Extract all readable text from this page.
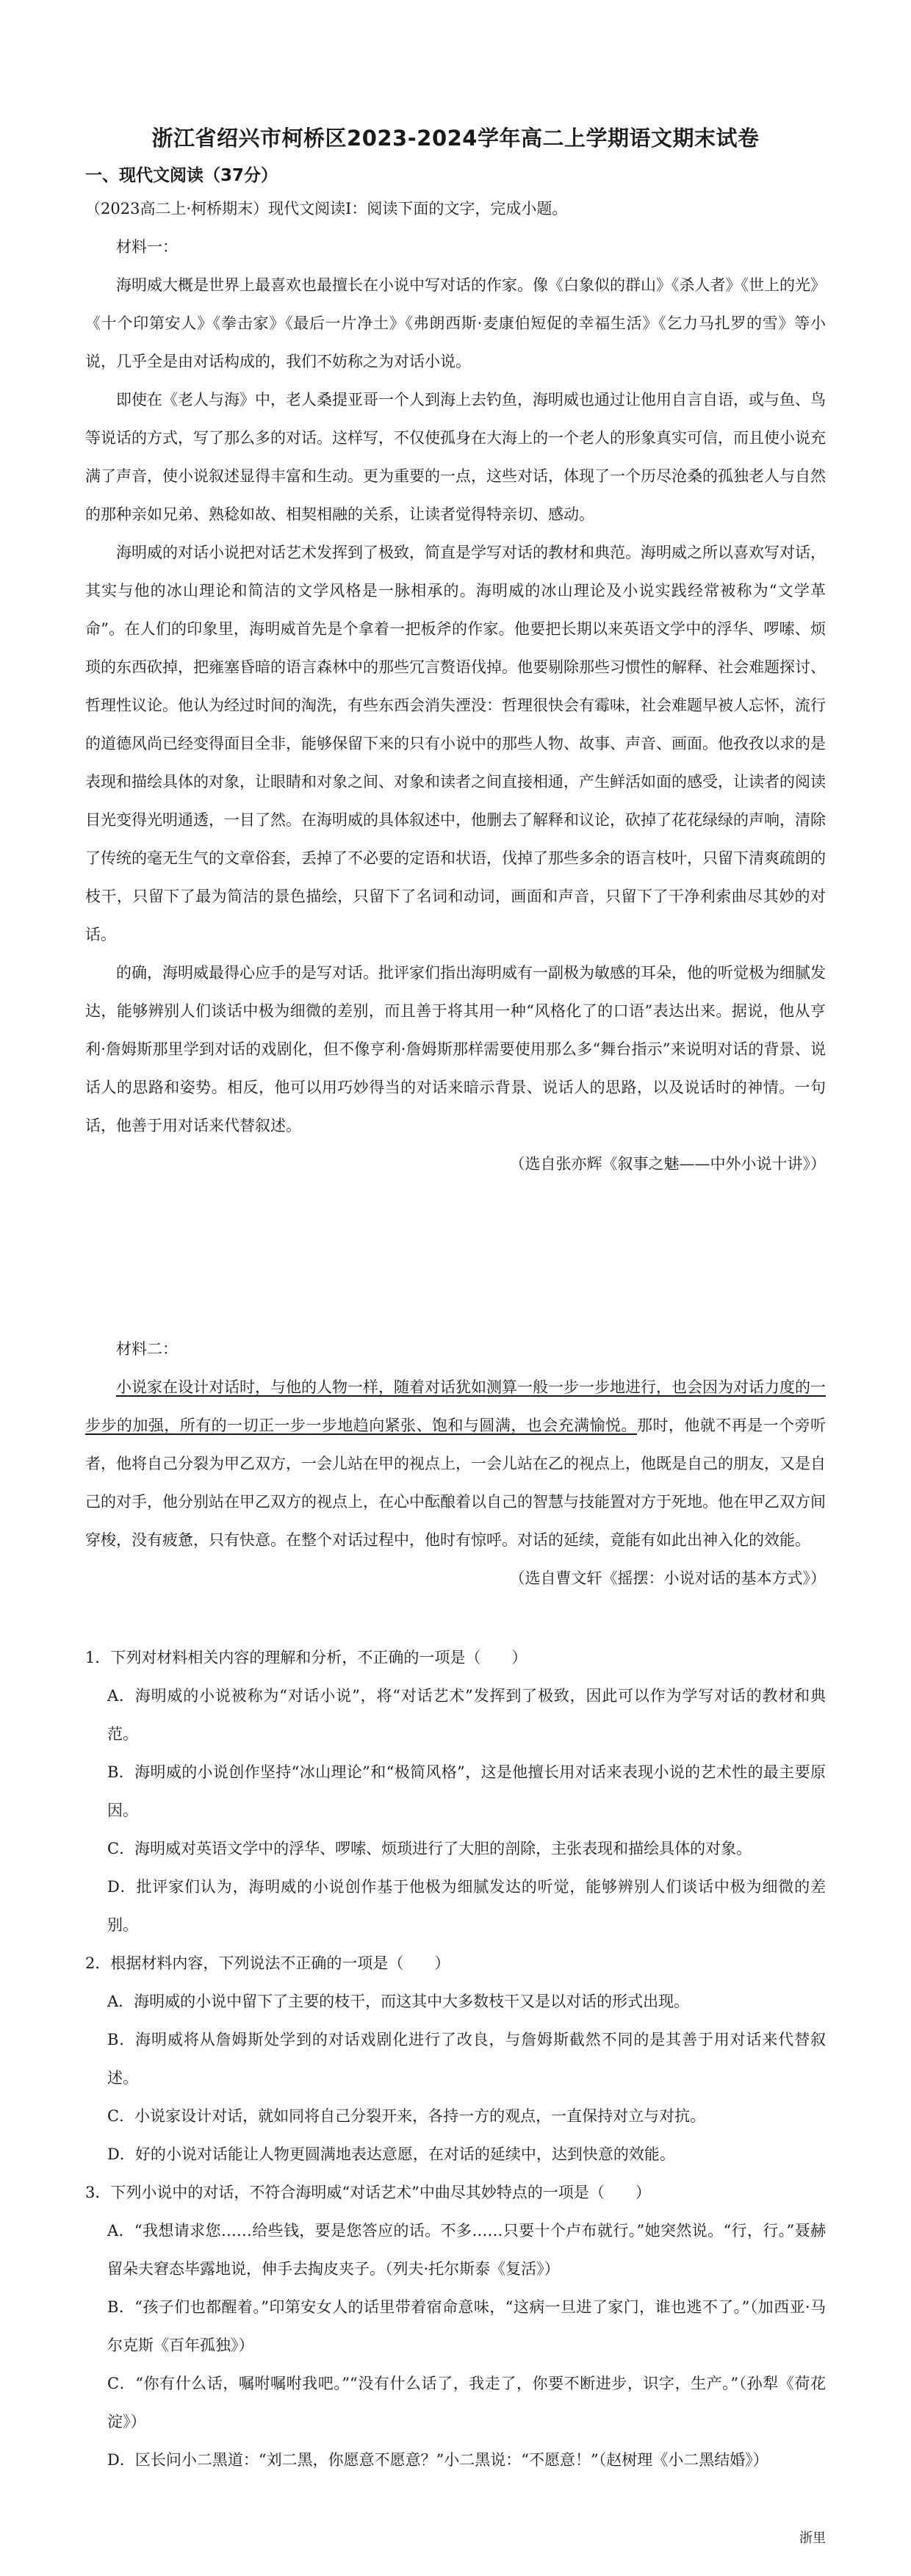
浙江省绍兴市柯桥区2023-2024学年高二上学期语文期末试卷
一、现代文阅读（37分）

（2023高二上·柯桥期末）现代文阅读Ⅰ：阅读下面的文字，完成小题。

材料一：

海明威大概是世界上最喜欢也最擅长在小说中写对话的作家。像《白象似的群山》《杀人者》《世上的光》《十个印第安人》《拳击家》《最后一片净土》《弗朗西斯·麦康伯短促的幸福生活》《乞力马扎罗的雪》等小说，几乎全是由对话构成的，我们不妨称之为对话小说。

即使在《老人与海》中，老人桑提亚哥一个人到海上去钓鱼，海明威也通过让他用自言自语，或与鱼、鸟等说话的方式，写了那么多的对话。这样写，不仅使孤身在大海上的一个老人的形象真实可信，而且使小说充满了声音，使小说叙述显得丰富和生动。更为重要的一点，这些对话，体现了一个历尽沧桑的孤独老人与自然的那种亲如兄弟、熟稔如故、相契相融的关系，让读者觉得特亲切、感动。

海明威的对话小说把对话艺术发挥到了极致，简直是学写对话的教材和典范。海明威之所以喜欢写对话，其实与他的冰山理论和简洁的文学风格是一脉相承的。海明威的冰山理论及小说实践经常被称为“文学革命”。在人们的印象里，海明威首先是个拿着一把板斧的作家。他要把长期以来英语文学中的浮华、啰嗦、烦琐的东西砍掉，把雍塞昏暗的语言森林中的那些冗言赘语伐掉。他要剔除那些习惯性的解释、社会难题探讨、哲理性议论。他认为经过时间的淘洗，有些东西会消失湮没：哲理很快会有霉味，社会难题早被人忘怀，流行的道德风尚已经变得面目全非，能够保留下来的只有小说中的那些人物、故事、声音、画面。他孜孜以求的是表现和描绘具体的对象，让眼睛和对象之间、对象和读者之间直接相通，产生鲜活如面的感受，让读者的阅读目光变得光明通透，一目了然。在海明威的具体叙述中，他删去了解释和议论，砍掉了花花绿绿的声响，清除了传统的毫无生气的文章俗套，丢掉了不必要的定语和状语，伐掉了那些多余的语言枝叶，只留下清爽疏朗的枝干，只留下了最为简洁的景色描绘，只留下了名词和动词，画面和声音，只留下了干净利索曲尽其妙的对话。

的确，海明威最得心应手的是写对话。批评家们指出海明威有一副极为敏感的耳朵，他的听觉极为细腻发达，能够辨别人们谈话中极为细微的差别，而且善于将其用一种“风格化了的口语”表达出来。据说，他从亨利·詹姆斯那里学到对话的戏剧化，但不像亨利·詹姆斯那样需要使用那么多“舞台指示”来说明对话的背景、说话人的思路和姿势。相反，他可以用巧妙得当的对话来暗示背景、说话人的思路，以及说话时的神情。一句话，他善于用对话来代替叙述。

（选自张亦辉《叙事之魅——中外小说十讲》）

材料二：

小说家在设计对话时，与他的人物一样，随着对话犹如测算一般一步一步地进行，也会因为对话力度的一步步的加强，所有的一切正一步一步地趋向紧张、饱和与圆满，也会充满愉悦。那时，他就不再是一个旁听者，他将自己分裂为甲乙双方，一会儿站在甲的视点上，一会儿站在乙的视点上，他既是自己的朋友，又是自己的对手，他分别站在甲乙双方的视点上，在心中酝酿着以自己的智慧与技能置对方于死地。他在甲乙双方间穿梭，没有疲惫，只有快意。在整个对话过程中，他时有惊呼。对话的延续，竟能有如此出神入化的效能。

（选自曹文轩《摇摆：小说对话的基本方式》）

1．下列对材料相关内容的理解和分析，不正确的一项是（　　）

A．海明威的小说被称为“对话小说”，将“对话艺术”发挥到了极致，因此可以作为学写对话的教材和典范。

B．海明威的小说创作坚持“冰山理论”和“极简风格”，这是他擅长用对话来表现小说的艺术性的最主要原因。

C．海明威对英语文学中的浮华、啰嗦、烦琐进行了大胆的剖除，主张表现和描绘具体的对象。

D．批评家们认为，海明威的小说创作基于他极为细腻发达的听觉，能够辨别人们谈话中极为细微的差别。

2．根据材料内容，下列说法不正确的一项是（　　）

A．海明威的小说中留下了主要的枝干，而这其中大多数枝干又是以对话的形式出现。

B．海明威将从詹姆斯处学到的对话戏剧化进行了改良，与詹姆斯截然不同的是其善于用对话来代替叙述。

C．小说家设计对话，就如同将自己分裂开来，各持一方的观点，一直保持对立与对抗。

D．好的小说对话能让人物更圆满地表达意愿，在对话的延续中，达到快意的效能。

3．下列小说中的对话，不符合海明威“对话艺术”中曲尽其妙特点的一项是（　　）

A．“我想请求您……给些钱，要是您答应的话。不多……只要十个卢布就行。”她突然说。“行，行。”聂赫留朵夫窘态毕露地说，伸手去掏皮夹子。（列夫·托尔斯泰《复活》）

B．“孩子们也都醒着。”印第安女人的话里带着宿命意味，“这病一旦进了家门，谁也逃不了。”（加西亚·马尔克斯《百年孤独》）

C．“你有什么话，嘱咐嘱咐我吧。”“没有什么话了，我走了，你要不断进步，识字，生产。”（孙犁《荷花淀》）

D．区长问小二黑道：“刘二黑，你愿意不愿意？”小二黑说：“不愿意！”（赵树理《小二黑结婚》）

浙里
